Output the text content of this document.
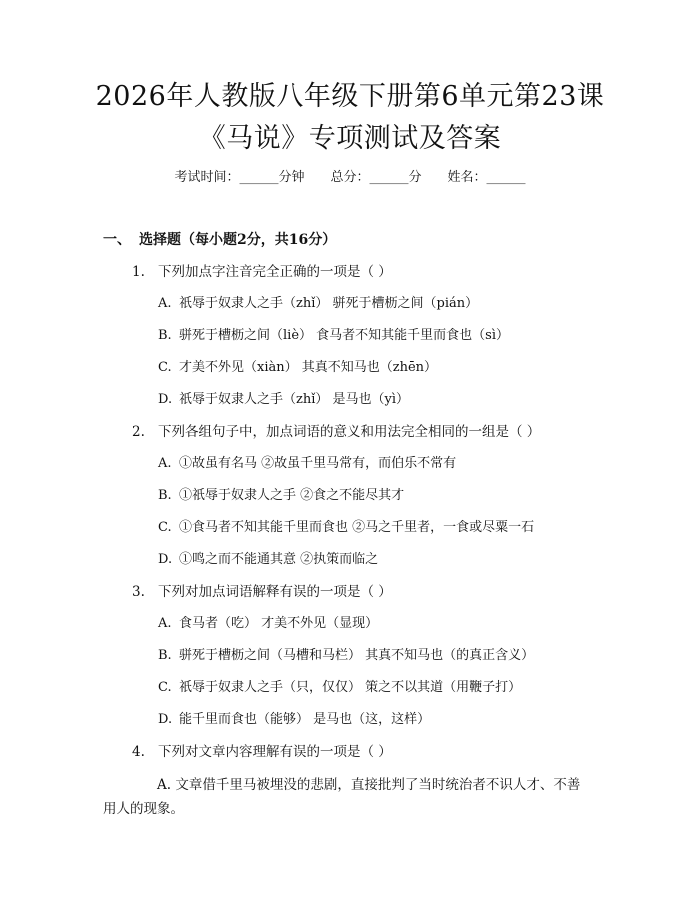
2026年人教版八年级下册第6单元第23课
《马说》专项测试及答案
考试时间：______分钟 总分：______分 姓名：______
一、 选择题（每小题2分，共16分）
1. 下列加点字注音完全正确的一项是（ ）
A. 祇辱于奴隶人之手（zhǐ） 骈死于槽枥之间（pián）
B. 骈死于槽枥之间（liè） 食马者不知其能千里而食也（sì）
C. 才美不外见（xiàn） 其真不知马也（zhēn）
D. 祇辱于奴隶人之手（zhǐ） 是马也（yì）
2. 下列各组句子中，加点词语的意义和用法完全相同的一组是（ ）
A. ①故虽有名马 ②故虽千里马常有，而伯乐不常有
B. ①祇辱于奴隶人之手 ②食之不能尽其才
C. ①食马者不知其能千里而食也 ②马之千里者，一食或尽粟一石
D. ①鸣之而不能通其意 ②执策而临之
3. 下列对加点词语解释有误的一项是（ ）
A. 食马者（吃） 才美不外见（显现）
B. 骈死于槽枥之间（马槽和马栏） 其真不知马也（的真正含义）
C. 祇辱于奴隶人之手（只，仅仅） 策之不以其道（用鞭子打）
D. 能千里而食也（能够） 是马也（这，这样）
4. 下列对文章内容理解有误的一项是（ ）
A. 文章借千里马被埋没的悲剧，直接批判了当时统治者不识人才、不善用人的现象。
